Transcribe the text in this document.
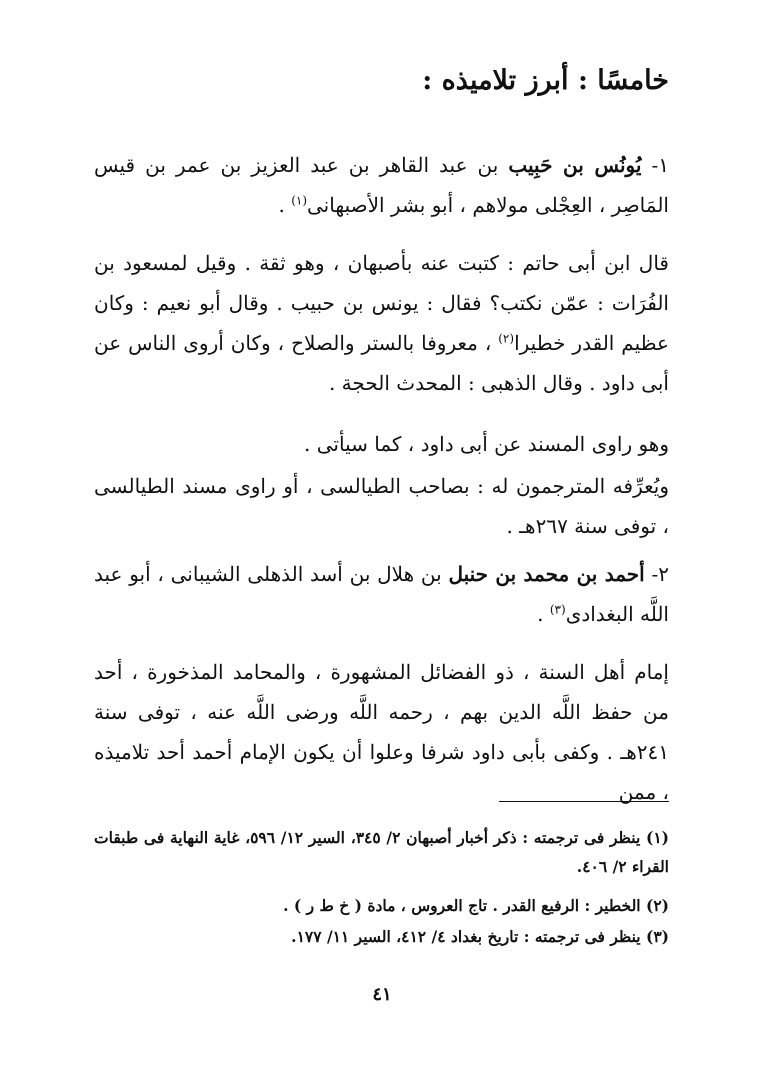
خامسًا : أبرز تلاميذه :

١- يُونُس بن حَبِيب بن عبد القاهر بن عبد العزيز بن عمر بن قيس المَاصِر ، العِجْلى مولاهم ، أبو بشر الأصبهانى$^{(١)}$ .

قال ابن أبى حاتم : كتبت عنه بأصبهان ، وهو ثقة . وقيل لمسعود بن الفُرَات : عمّن نكتب؟ فقال : يونس بن حبيب . وقال أبو نعيم : وكان عظيم القدر خطيرا$^{(٢)}$ ، معروفا بالستر والصلاح ، وكان أروى الناس عن أبى داود . وقال الذهبى : المحدث الحجة .

وهو راوى المسند عن أبى داود ، كما سيأتى .

ويُعرِّفه المترجمون له : بصاحب الطيالسى ، أو راوى مسند الطيالسى ، توفى سنة ٢٦٧هـ .

٢- أحمد بن محمد بن حنبل بن هلال بن أسد الذهلى الشيبانى ، أبو عبد اللَّه البغدادى$^{(٣)}$ .

إمام أهل السنة ، ذو الفضائل المشهورة ، والمحامد المذخورة ، أحد من حفظ اللَّه الدين بهم ، رحمه اللَّه ورضى اللَّه عنه ، توفى سنة ٢٤١هـ . وكفى بأبى داود شرفا وعلوا أن يكون الإمام أحمد أحد تلاميذه ، ممن

(١) ينظر فى ترجمته : ذكر أخبار أصبهان ٢/ ٣٤٥، السير ١٢/ ٥٩٦، غاية النهاية فى طبقات القراء ٢/ ٤٠٦.

(٢) الخطير : الرفيع القدر . تاج العروس ، مادة ( خ ط ر ) .

(٣) ينظر فى ترجمته : تاريخ بغداد ٤/ ٤١٢، السير ١١/ ١٧٧.

٤١
